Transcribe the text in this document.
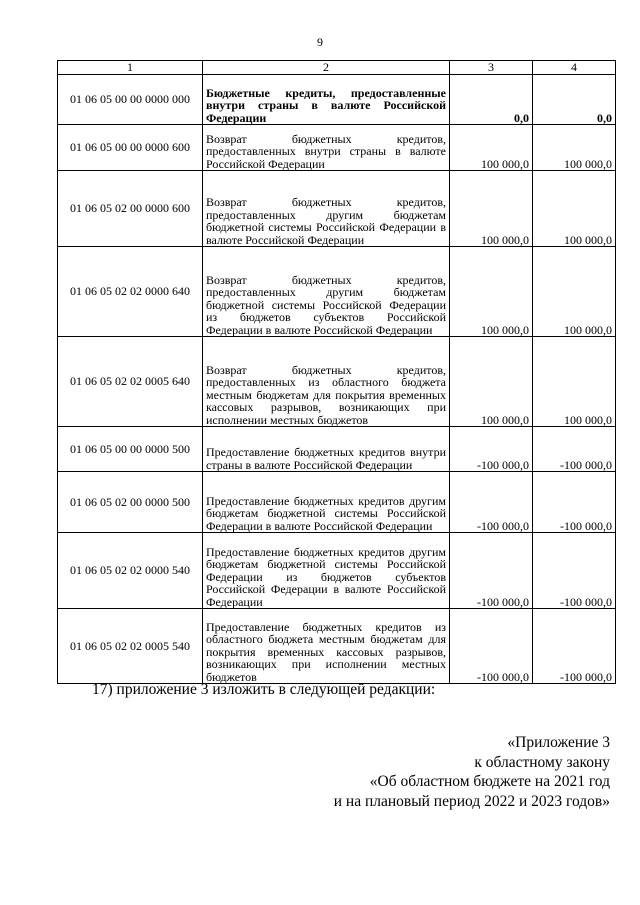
9
1	2	3	4
01 06 05 00 00 0000 000	Бюджетные кредиты, предоставленные внутри страны в валюте Российской Федерации	0,0	0,0
01 06 05 00 00 0000 600	Возврат бюджетных кредитов, предоставленных внутри страны в валюте Российской Федерации	100 000,0	100 000,0
01 06 05 02 00 0000 600	Возврат бюджетных кредитов, предоставленных другим бюджетам бюджетной системы Российской Федерации в валюте Российской Федерации	100 000,0	100 000,0
01 06 05 02 02 0000 640	Возврат бюджетных кредитов, предоставленных другим бюджетам бюджетной системы Российской Федерации из бюджетов субъектов Российской Федерации в валюте Российской Федерации	100 000,0	100 000,0
01 06 05 02 02 0005 640	Возврат бюджетных кредитов, предоставленных из областного бюджета местным бюджетам для покрытия временных кассовых разрывов, возникающих при исполнении местных бюджетов	100 000,0	100 000,0
01 06 05 00 00 0000 500	Предоставление бюджетных кредитов внутри страны в валюте Российской Федерации	-100 000,0	-100 000,0
01 06 05 02 00 0000 500	Предоставление бюджетных кредитов другим бюджетам бюджетной системы Российской Федерации в валюте Российской Федерации	-100 000,0	-100 000,0
01 06 05 02 02 0000 540	Предоставление бюджетных кредитов другим бюджетам бюджетной системы Российской Федерации из бюджетов субъектов Российской Федерации в валюте Российской Федерации	-100 000,0	-100 000,0
01 06 05 02 02 0005 540	Предоставление бюджетных кредитов из областного бюджета местным бюджетам для покрытия временных кассовых разрывов, возникающих при исполнении местных бюджетов	-100 000,0	-100 000,0
17) приложение 3 изложить в следующей редакции:
«Приложение 3
к областному закону
«Об областном бюджете на 2021 год
и на плановый период 2022 и 2023 годов»
